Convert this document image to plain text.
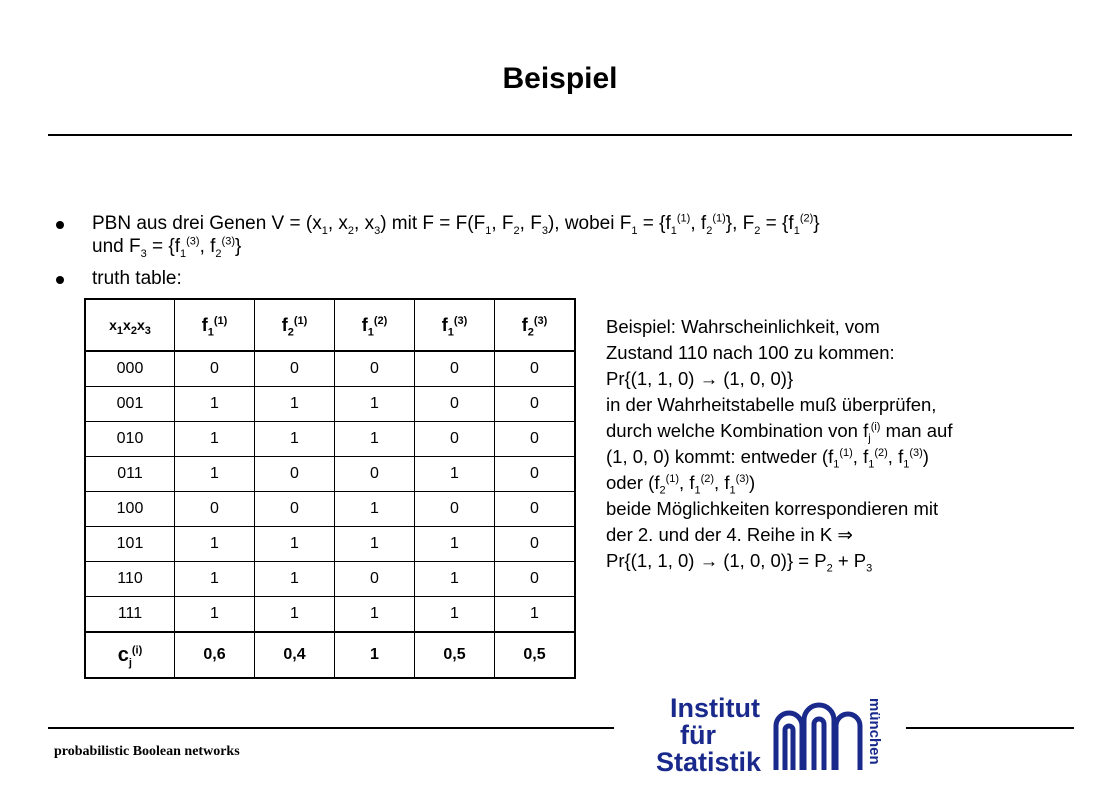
Beispiel
PBN aus drei Genen $V = (x_1$, $x_2$, $x_3$) mit $F = F(F_1$, $F_2$, $F_3$), wobei $F_1 = \{f_1^{(1)}$, $f_2^{(1)}$}, $F_2 = \{f_1^{(2)}\}$
und $F_3 = \{f_1^{(3)}$, $f_2^{(3)}$}
truth table:
$x_1x_2x_3$	$f_1^{(1)}$	$f_2^{(1)}$	$f_1^{(2)}$	$f_1^{(3)}$	$f_2^{(3)}$
000	0	0	0	0	0
001	1	1	1	0	0
010	1	1	1	0	0
011	1	0	0	1	0
100	0	0	1	0	0
101	1	1	1	1	0
110	1	1	0	1	0
111	1	1	1	1	1
$c_j^{(i)}$	0,6	0,4	1	0,5	0,5
Beispiel: Wahrscheinlichkeit, vom
Zustand 110 nach 100 zu kommen:
Pr{(1, 1, 0) → (1, 0, 0)}
in der Wahrheitstabelle muß überprüfen,
durch welche Kombination von $f_j^{(i)}$ man auf
(1, 0, 0) kommt: entweder ($f_1^{(1)}$, $f_1^{(2)}$, $f_1^{(3)}$)
oder ($f_2^{(1)}$, $f_1^{(2)}$, $f_1^{(3)}$)
beide Möglichkeiten korrespondieren mit
der 2. und der 4. Reihe in K ⇒
Pr{(1, 1, 0) → (1, 0, $0)\} = P_2 + P_3$
probabilistic Boolean networks
Institut
für
Statistik	münchen
